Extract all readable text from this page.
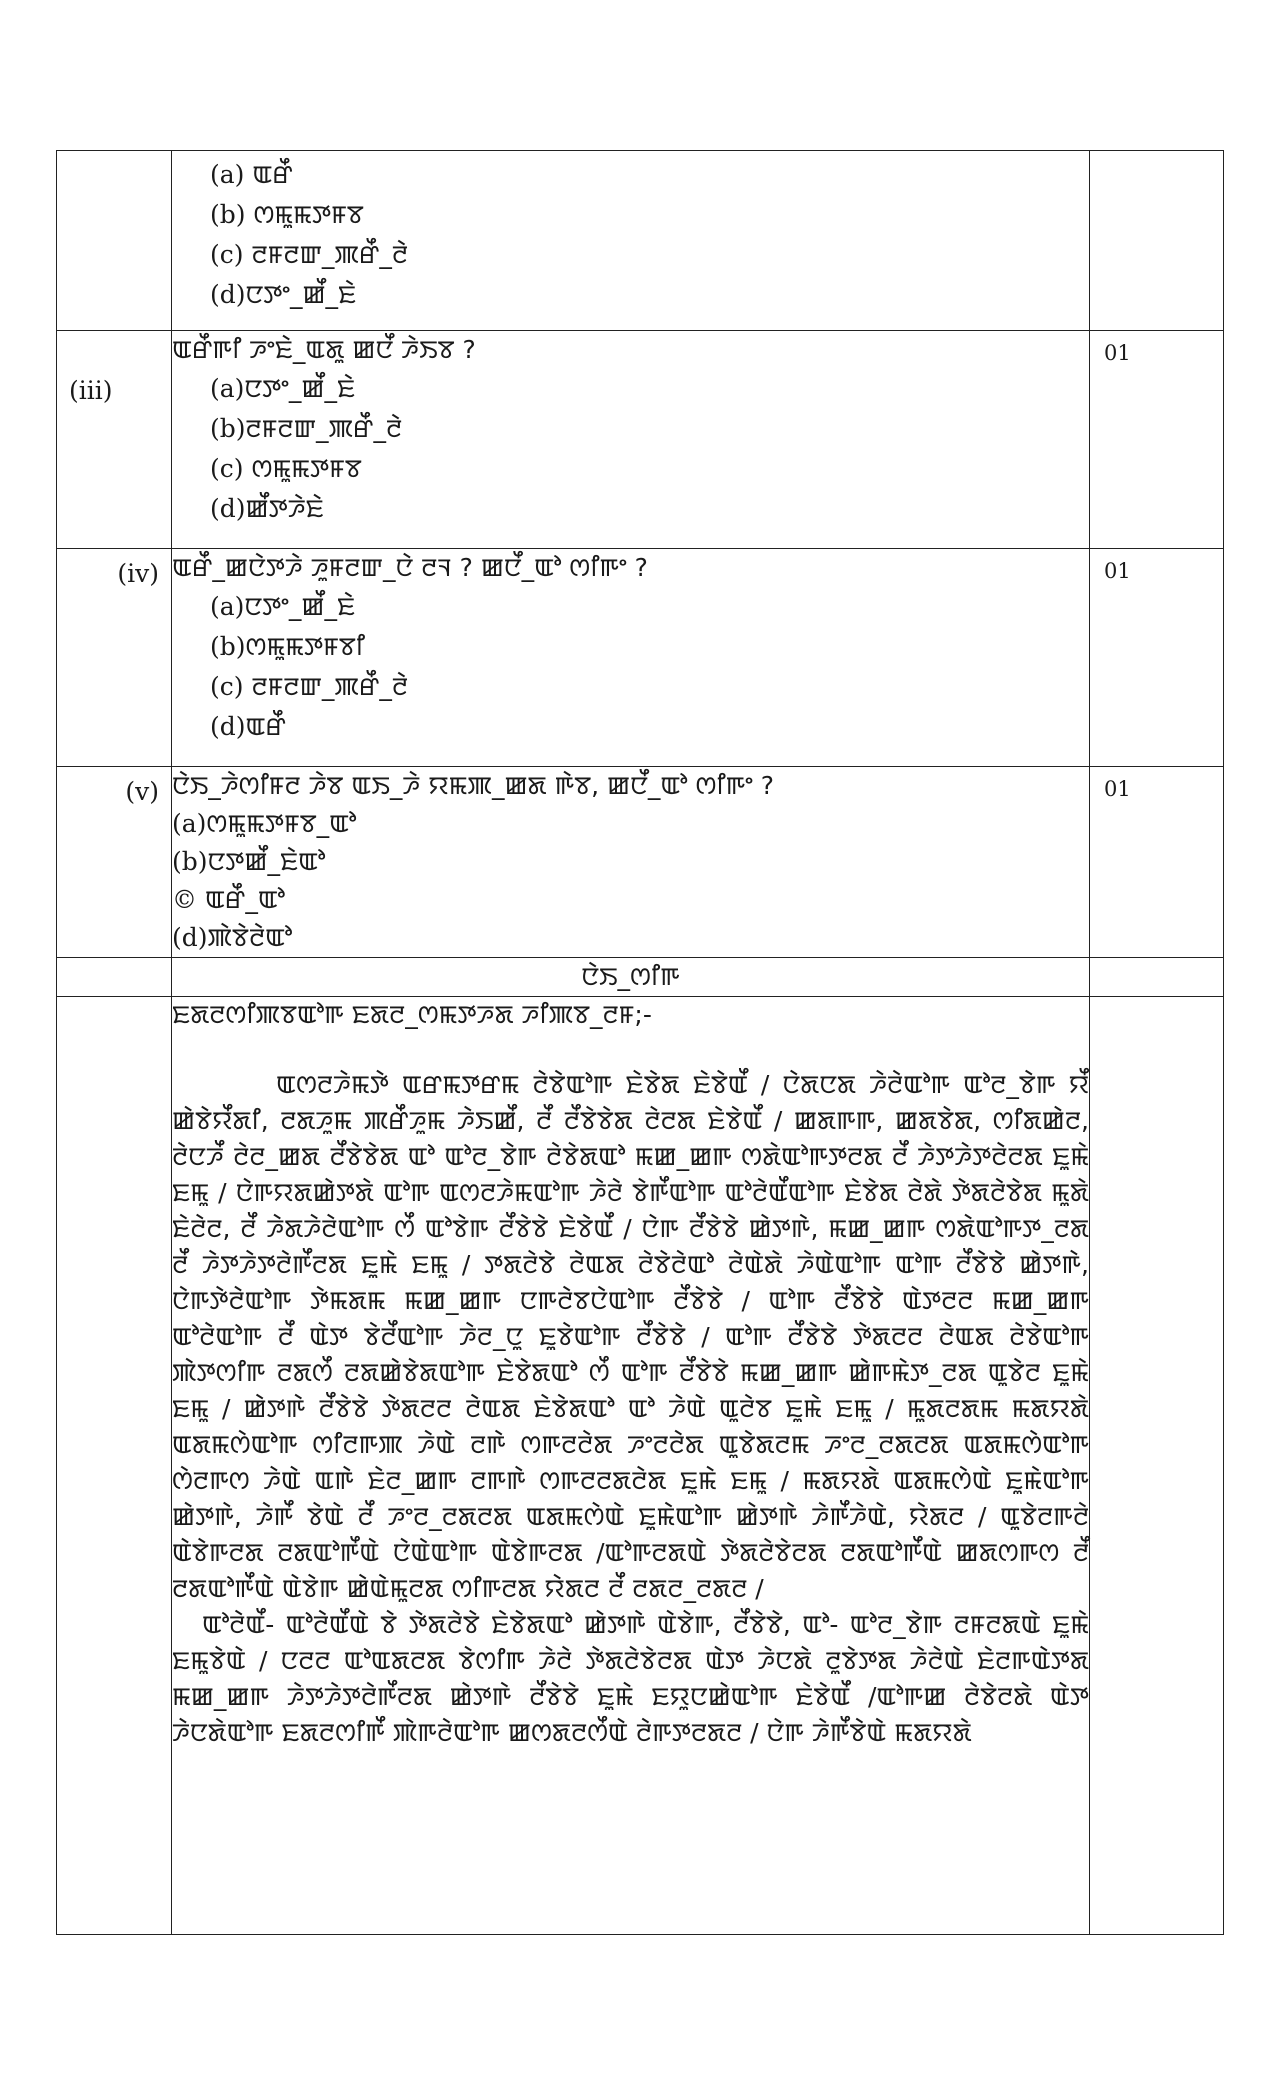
	(a) ꯑꯔꯩ
(b) ꯁꯃꯨꯃꯇꯝꯕ
(c) ꯂꯝꯂꯛ_ꯄꯔꯩ_ꯂꯥ
(d)ꯅꯇꯦ_ꯀꯩ_ꯐꯥ	

(iii)	ꯑꯔꯩꯒꯤ ꯍꯦꯐꯥ_ꯑꯗꯨ ꯀꯅꯩ ꯍꯥꯏꯕ ?
(a)ꯅꯇꯦ_ꯀꯩ_ꯐꯥ
(b)ꯂꯝꯂꯛ_ꯄꯔꯩ_ꯂꯥ
(c) ꯁꯃꯨꯃꯇꯝꯕ
(d)ꯀꯩꯇꯍꯥꯐꯥ	01
(iv)	ꯑꯔꯩ_ꯀꯅꯥꯇꯍꯥ ꯍꯨꯝꯂꯛ_ꯅꯥ ꯂꯜ ? ꯀꯅꯩ_ꯑꯣ ꯁꯤꯒꯦ ?
(a)ꯅꯇꯦ_ꯀꯩ_ꯐꯥ
(b)ꯁꯃꯨꯃꯇꯝꯕꯤ
(c) ꯂꯝꯂꯛ_ꯄꯔꯩ_ꯂꯥ
(d)ꯑꯔꯩ	01
(v)	ꯅꯥꯏ_ꯍꯥꯁꯤꯝꯂ ꯍꯥꯕ ꯑꯏ_ꯍꯥ ꯌꯃꯄ_ꯀꯗ ꯒꯥꯕ, ꯀꯅꯩ_ꯑꯣ ꯁꯤꯒꯦ ?
(a)ꯁꯃꯨꯃꯇꯝꯕ_ꯑꯣ
(b)ꯅꯇꯀꯩ_ꯐꯥꯑꯣ
© ꯑꯔꯩ_ꯑꯣ
(d)ꯄꯥꯕꯥꯂꯥꯑꯣ	01
	ꯅꯥꯏ_ꯁꯤꯒ	

	ꯐꯗꯂꯁꯤꯄꯕꯑꯣꯒ ꯐꯗꯂ_ꯁꯃꯇꯍꯗ ꯍꯤꯄꯕ_ꯂꯝ;-

ꯑꯁꯂꯍꯥꯃꯇꯥ ꯑꯔꯃꯇꯔꯃ ꯂꯥꯕꯥꯑꯣꯒ ꯐꯥꯕꯥꯗ ꯐꯥꯕꯥꯑꯩ / ꯅꯥꯗꯅꯗ ꯍꯥꯂꯥꯑꯣꯒ ꯑꯣꯂ_ꯕꯥꯒ ꯌꯩ ꯀꯥꯕꯥꯌꯩꯗꯤ, ꯂꯗꯍꯨꯃ ꯄꯔꯩꯍꯨꯃ ꯍꯥꯏꯀꯩ, ꯂꯩ ꯂꯩꯕꯥꯕꯥꯗ ꯂꯥꯂꯗ ꯐꯥꯕꯥꯑꯩ / ꯀꯗꯒꯒ, ꯀꯗꯕꯥꯗ, ꯁꯤꯗꯀꯥꯂ, ꯂꯥꯅꯍꯩ ꯂꯥꯂ_ꯀꯗ ꯂꯩꯕꯥꯕꯥꯗ ꯑꯣ ꯑꯣꯂ_ꯕꯥꯒ ꯂꯥꯕꯥꯗꯑꯣ ꯃꯀ_ꯀꯒ ꯁꯗꯥꯑꯣꯒꯇꯂꯗ ꯂꯩ ꯍꯥꯇꯍꯥꯇꯂꯥꯂꯗ ꯐꯨꯃꯥ ꯐꯃꯨ / ꯅꯥꯒꯌꯗꯀꯥꯇꯗꯥ ꯑꯣꯒ ꯑꯁꯂꯍꯥꯃꯑꯣꯒ ꯍꯥꯂꯥ ꯕꯥꯒꯩꯑꯣꯒ ꯑꯣꯂꯥꯑꯩꯑꯣꯒ ꯐꯥꯕꯥꯗ ꯂꯥꯗꯥ ꯇꯥꯗꯂꯥꯕꯥꯗ ꯃꯨꯗꯥ ꯐꯥꯂꯥꯂ, ꯂꯩ ꯍꯥꯗꯍꯥꯂꯥꯑꯣꯒ ꯁꯩ ꯑꯣꯕꯥꯒ ꯂꯩꯕꯥꯕꯥ ꯐꯥꯕꯥꯑꯩ / ꯅꯥꯒ ꯂꯩꯕꯥꯕꯥ ꯀꯥꯇꯒꯥ, ꯃꯀ_ꯀꯒ ꯁꯗꯥꯑꯣꯒꯇ_ꯂꯗ ꯂꯩ ꯍꯥꯇꯍꯥꯇꯂꯥꯒꯩꯂꯗ ꯐꯨꯃꯥ ꯐꯃꯨ / ꯇꯗꯂꯥꯕꯥ ꯂꯥꯑꯗ ꯂꯥꯕꯥꯂꯥꯑꯣ ꯂꯥꯑꯥꯗꯥ ꯍꯥꯑꯥꯑꯣꯒ ꯑꯣꯒ ꯂꯩꯕꯥꯕꯥ ꯀꯥꯇꯒꯥ, ꯅꯥꯒꯇꯥꯂꯥꯑꯣꯒ ꯇꯥꯃꯗꯃ ꯃꯀ_ꯀꯒ ꯅꯒꯂꯥꯕꯅꯥꯑꯣꯒ ꯂꯩꯕꯥꯕꯥ / ꯑꯣꯒ ꯂꯩꯕꯥꯕꯥ ꯑꯥꯇꯂꯂ ꯃꯀ_ꯀꯒ ꯑꯣꯂꯥꯑꯣꯒ ꯂꯩ ꯑꯥꯇ ꯕꯥꯂꯩꯑꯣꯒ ꯍꯥꯂ_ꯅꯨ ꯐꯨꯕꯥꯑꯣꯒ ꯂꯩꯕꯥꯕꯥ / ꯑꯣꯒ ꯂꯩꯕꯥꯕꯥ ꯇꯥꯗꯂꯂ ꯂꯥꯑꯗ ꯂꯥꯕꯥꯑꯣꯒ ꯄꯥꯇꯁꯤꯒ ꯂꯗꯁꯩ ꯂꯗꯀꯥꯕꯥꯗꯑꯣꯒ ꯐꯥꯕꯥꯗꯑꯣ ꯁꯩ ꯑꯣꯒ ꯂꯩꯕꯥꯕꯥ ꯃꯀ_ꯀꯒ ꯀꯥꯒꯃꯥꯇ_ꯂꯗ ꯑꯨꯕꯥꯂ ꯐꯨꯃꯥ ꯐꯃꯨ / ꯀꯥꯇꯒꯥ ꯂꯩꯕꯥꯕꯥ ꯇꯥꯗꯂꯂ ꯂꯥꯑꯗ ꯐꯥꯕꯥꯗꯑꯣ ꯑꯣ ꯍꯥꯑꯥ ꯑꯨꯂꯥꯕ ꯐꯨꯃꯥ ꯐꯃꯨ / ꯃꯨꯗꯂꯗꯃ ꯃꯗꯌꯗꯥ ꯑꯗꯃꯁꯥꯑꯣꯒ ꯁꯤꯂꯒꯄ ꯍꯥꯑꯥ ꯂꯒꯥ ꯁꯒꯂꯂꯥꯗ ꯍꯦꯂꯂꯥꯗ ꯑꯨꯕꯥꯗꯂꯃ ꯍꯦꯂ_ꯂꯗꯂꯗ ꯑꯗꯃꯁꯥꯑꯣꯒ ꯁꯥꯂꯒꯁ ꯍꯥꯑꯥ ꯑꯒꯥ ꯐꯥꯂ_ꯀꯒ ꯂꯒꯒꯥ ꯁꯒꯂꯂꯗꯂꯥꯗ ꯐꯨꯃꯥ ꯐꯃꯨ / ꯃꯗꯌꯗꯥ ꯑꯗꯃꯁꯥꯑꯥ ꯐꯨꯃꯥꯑꯣꯒ ꯀꯥꯇꯒꯥ, ꯍꯥꯒꯩ ꯕꯥꯑꯥ ꯂꯩ ꯍꯦꯂ_ꯂꯗꯂꯗ ꯑꯗꯃꯁꯥꯑꯥ ꯐꯨꯃꯥꯑꯣꯒ ꯀꯥꯇꯒꯥ ꯍꯥꯒꯩꯍꯥꯑꯥ, ꯌꯥꯗꯂ / ꯑꯨꯕꯥꯂꯒꯂꯥ ꯑꯥꯕꯥꯒꯂꯗ ꯂꯗꯑꯣꯒꯩꯑꯥ ꯅꯥꯑꯥꯑꯣꯒ ꯑꯥꯕꯥꯒꯂꯗ /ꯑꯣꯒꯂꯗꯑꯥ ꯇꯥꯗꯂꯥꯕꯥꯂꯗ ꯂꯗꯑꯣꯒꯩꯑꯥ ꯀꯗꯁꯒꯁ ꯂꯩ ꯂꯗꯑꯣꯒꯩꯑꯥ ꯑꯥꯕꯥꯒ ꯀꯥꯑꯥꯃꯨꯂꯗ ꯁꯤꯒꯂꯗ ꯌꯥꯗꯂ ꯂꯩ ꯂꯗꯂ_ꯂꯗꯂ /

ꯑꯣꯂꯥꯑꯩ- ꯑꯣꯂꯥꯑꯩꯑꯥ ꯕꯥ ꯇꯥꯗꯂꯥꯕꯥ ꯐꯥꯕꯥꯗꯑꯣ ꯀꯥꯇꯒꯥ ꯑꯥꯕꯥꯒ, ꯂꯩꯕꯥꯕꯥ, ꯑꯣ- ꯑꯣꯂ_ꯕꯥꯒ ꯂꯝꯂꯗꯑꯥ ꯐꯨꯃꯥ ꯐꯃꯨꯕꯥꯑꯥ / ꯅꯂꯂ ꯑꯣꯑꯗꯂꯗ ꯕꯥꯁꯤꯒ ꯍꯥꯂꯥ ꯇꯥꯗꯂꯥꯕꯥꯂꯗ ꯑꯥꯇ ꯍꯥꯅꯗꯥ ꯂꯨꯕꯥꯇꯗ ꯍꯥꯂꯥꯑꯥ ꯐꯥꯂꯒꯑꯥꯇꯗ ꯃꯀ_ꯀꯒ ꯍꯥꯇꯍꯥꯇꯂꯥꯒꯩꯂꯗ ꯀꯥꯇꯒꯥ ꯂꯩꯕꯥꯕꯥ ꯐꯨꯃꯥ ꯐꯌꯨꯅꯀꯥꯑꯣꯒ ꯐꯥꯕꯥꯑꯩ /ꯑꯣꯒꯀ ꯂꯥꯕꯥꯂꯗꯥ ꯑꯥꯇ ꯍꯥꯅꯗꯥꯑꯣꯒ ꯐꯗꯂꯁꯤꯒꯩ ꯄꯥꯒꯂꯥꯑꯣꯒ ꯀꯁꯗꯂꯁꯩꯑꯥ ꯂꯥꯒꯇꯂꯗꯂ / ꯅꯥꯒ ꯍꯥꯒꯩꯕꯥꯑꯥ ꯃꯗꯌꯗꯥ	
